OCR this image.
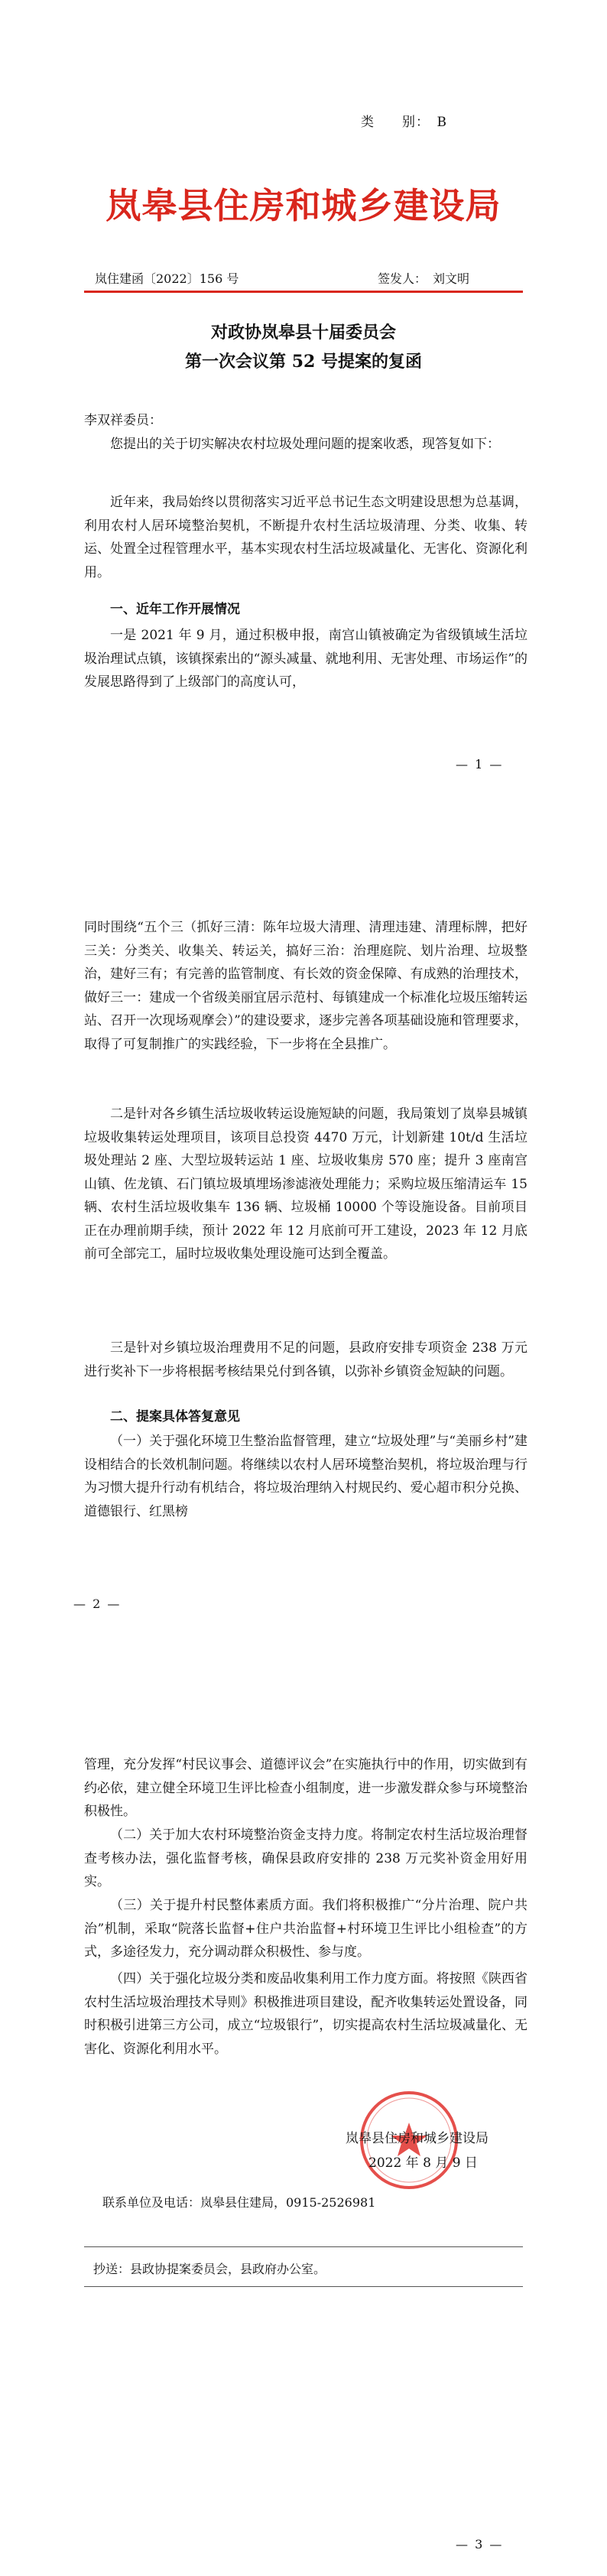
类　　别：　B
岚皋县住房和城乡建设局
岚住建函〔2022〕156 号	签发人：　刘文明
对政协岚皋县十届委员会
第一次会议第 52 号提案的复函

李双祥委员：

您提出的关于切实解决农村垃圾处理问题的提案收悉，现答复如下：

近年来，我局始终以贯彻落实习近平总书记生态文明建设思想为总基调，利用农村人居环境整治契机，不断提升农村生活垃圾清理、分类、收集、转运、处置全过程管理水平，基本实现农村生活垃圾减量化、无害化、资源化利用。

一、近年工作开展情况

一是 2021 年 9 月，通过积极申报，南宫山镇被确定为省级镇域生活垃圾治理试点镇，该镇探索出的“源头减量、就地利用、无害处理、市场运作”的发展思路得到了上级部门的高度认可，

— 1 —

同时围绕“五个三（抓好三清：陈年垃圾大清理、清理违建、清理标牌，把好三关：分类关、收集关、转运关，搞好三治：治理庭院、划片治理、垃圾整治，建好三有；有完善的监管制度、有长效的资金保障、有成熟的治理技术，做好三一：建成一个省级美丽宜居示范村、每镇建成一个标准化垃圾压缩转运站、召开一次现场观摩会）”的建设要求，逐步完善各项基础设施和管理要求，取得了可复制推广的实践经验，下一步将在全县推广。

二是针对各乡镇生活垃圾收转运设施短缺的问题，我局策划了岚皋县城镇垃圾收集转运处理项目，该项目总投资 4470 万元，计划新建 10t/d 生活垃圾处理站 2 座、大型垃圾转运站 1 座、垃圾收集房 570 座；提升 3 座南宫山镇、佐龙镇、石门镇垃圾填埋场渗滤液处理能力；采购垃圾压缩清运车 15 辆、农村生活垃圾收集车 136 辆、垃圾桶 10000 个等设施设备。目前项目正在办理前期手续，预计 2022 年 12 月底前可开工建设，2023 年 12 月底前可全部完工，届时垃圾收集处理设施可达到全覆盖。

三是针对乡镇垃圾治理费用不足的问题，县政府安排专项资金 238 万元进行奖补下一步将根据考核结果兑付到各镇，以弥补乡镇资金短缺的问题。

二、提案具体答复意见

（一）关于强化环境卫生整治监督管理，建立“垃圾处理”与“美丽乡村”建设相结合的长效机制问题。将继续以农村人居环境整治契机，将垃圾治理与行为习惯大提升行动有机结合，将垃圾治理纳入村规民约、爱心超市积分兑换、道德银行、红黑榜

— 2 —

管理，充分发挥“村民议事会、道德评议会”在实施执行中的作用，切实做到有约必依，建立健全环境卫生评比检查小组制度，进一步激发群众参与环境整治积极性。

（二）关于加大农村环境整治资金支持力度。将制定农村生活垃圾治理督查考核办法，强化监督考核，确保县政府安排的 238 万元奖补资金用好用实。

（三）关于提升村民整体素质方面。我们将积极推广“分片治理、院户共治”机制，采取“院落长监督+住户共治监督+村环境卫生评比小组检查”的方式，多途径发力，充分调动群众积极性、参与度。

（四）关于强化垃圾分类和废品收集利用工作力度方面。将按照《陕西省农村生活垃圾治理技术导则》积极推进项目建设，配齐收集转运处置设备，同时积极引进第三方公司，成立“垃圾银行”，切实提高农村生活垃圾减量化、无害化、资源化利用水平。

岚皋县住房和城乡建设局
2022 年 8 月 9 日
联系单位及电话：岚皋县住建局，0915-2526981
抄送：县政协提案委员会，县政府办公室。
— 3 —
